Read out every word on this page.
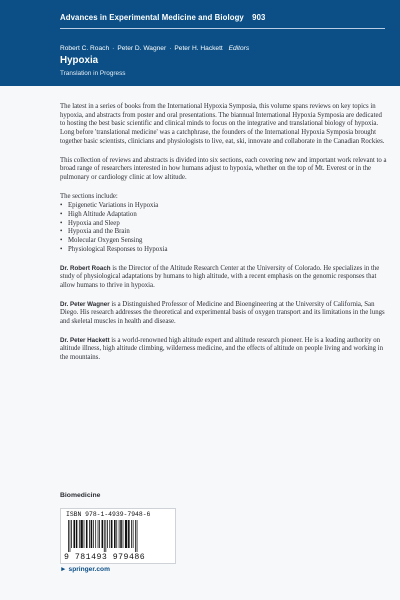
Advances in Experimental Medicine and Biology 903
Robert C. Roach · Peter D. Wagner · Peter H. Hackett Editors
Hypoxia
Translation in Progress

The latest in a series of books from the International Hypoxia Symposia, this volume spans reviews on key topics in hypoxia, and abstracts from poster and oral presentations. The biannual International Hypoxia Symposia are dedicated to hosting the best basic scientific and clinical minds to focus on the integrative and translational biology of hypoxia. Long before 'translational medicine' was a catchphrase, the founders of the International Hypoxia Symposia brought together basic scientists, clinicians and physiologists to live, eat, ski, innovate and collaborate in the Canadian Rockies.

This collection of reviews and abstracts is divided into six sections, each covering new and important work relevant to a broad range of researchers interested in how humans adjust to hypoxia, whether on the top of Mt. Everest or in the pulmonary or cardiology clinic at low altitude.

The sections include:

• Epigenetic Variations in Hypoxia
• High Altitude Adaptation
• Hypoxia and Sleep
• Hypoxia and the Brain
• Molecular Oxygen Sensing
• Physiological Responses to Hypoxia

Dr. Robert Roach is the Director of the Altitude Research Center at the University of Colorado. He specializes in the study of physiological adaptations by humans to high altitude, with a recent emphasis on the genomic responses that allow humans to thrive in hypoxia.

Dr. Peter Wagner is a Distinguished Professor of Medicine and Bioengineering at the University of California, San Diego. His research addresses the theoretical and experimental basis of oxygen transport and its limitations in the lungs and skeletal muscles in health and disease.

Dr. Peter Hackett is a world-renowned high altitude expert and altitude research pioneer. He is a leading authority on altitude illness, high altitude climbing, wilderness medicine, and the effects of altitude on people living and working in the mountains.

Biomedicine
ISBN 978-1-4939-7948-6
9 781493 979486
► springer.com
